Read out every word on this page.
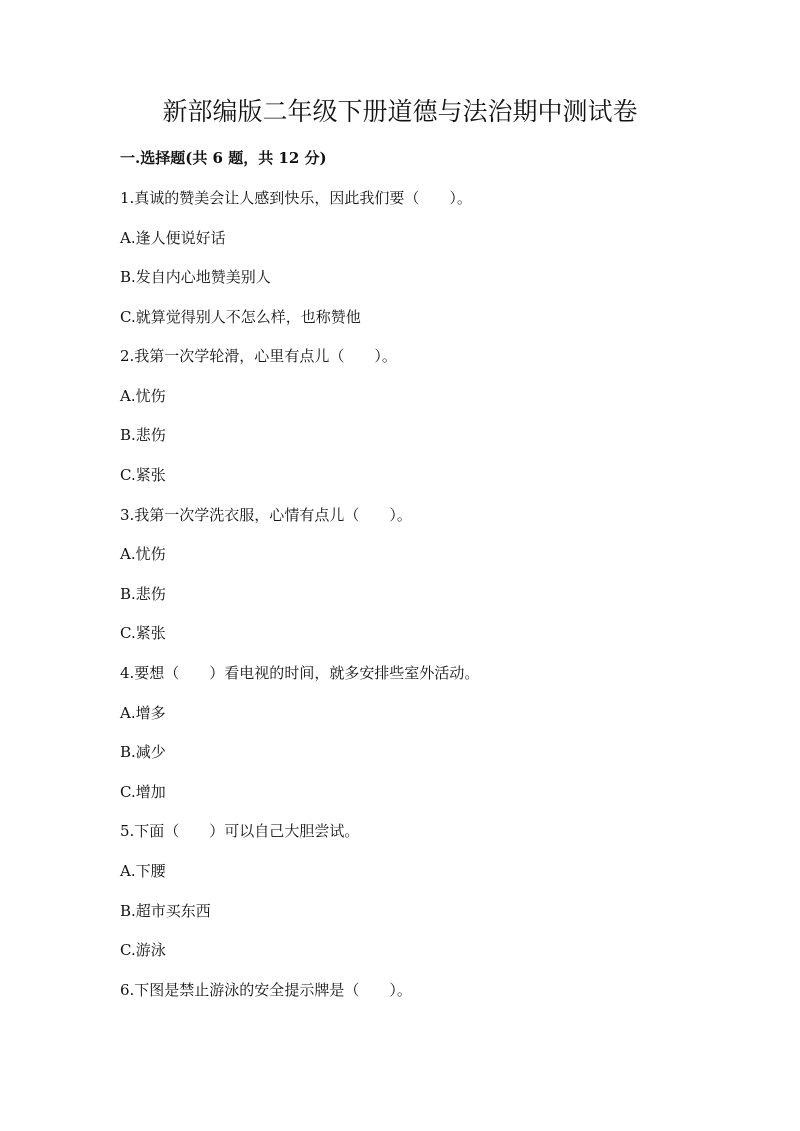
新部编版二年级下册道德与法治期中测试卷
一.选择题(共 6 题，共 12 分)
1.真诚的赞美会让人感到快乐，因此我们要（　　）。
A.逢人便说好话
B.发自内心地赞美别人
C.就算觉得别人不怎么样，也称赞他
2.我第一次学轮滑，心里有点儿（　　）。
A.忧伤
B.悲伤
C.紧张
3.我第一次学洗衣服，心情有点儿（　　）。
A.忧伤
B.悲伤
C.紧张
4.要想（　　）看电视的时间，就多安排些室外活动。
A.增多
B.减少
C.增加
5.下面（　　）可以自己大胆尝试。
A.下腰
B.超市买东西
C.游泳
6.下图是禁止游泳的安全提示牌是（　　）。
